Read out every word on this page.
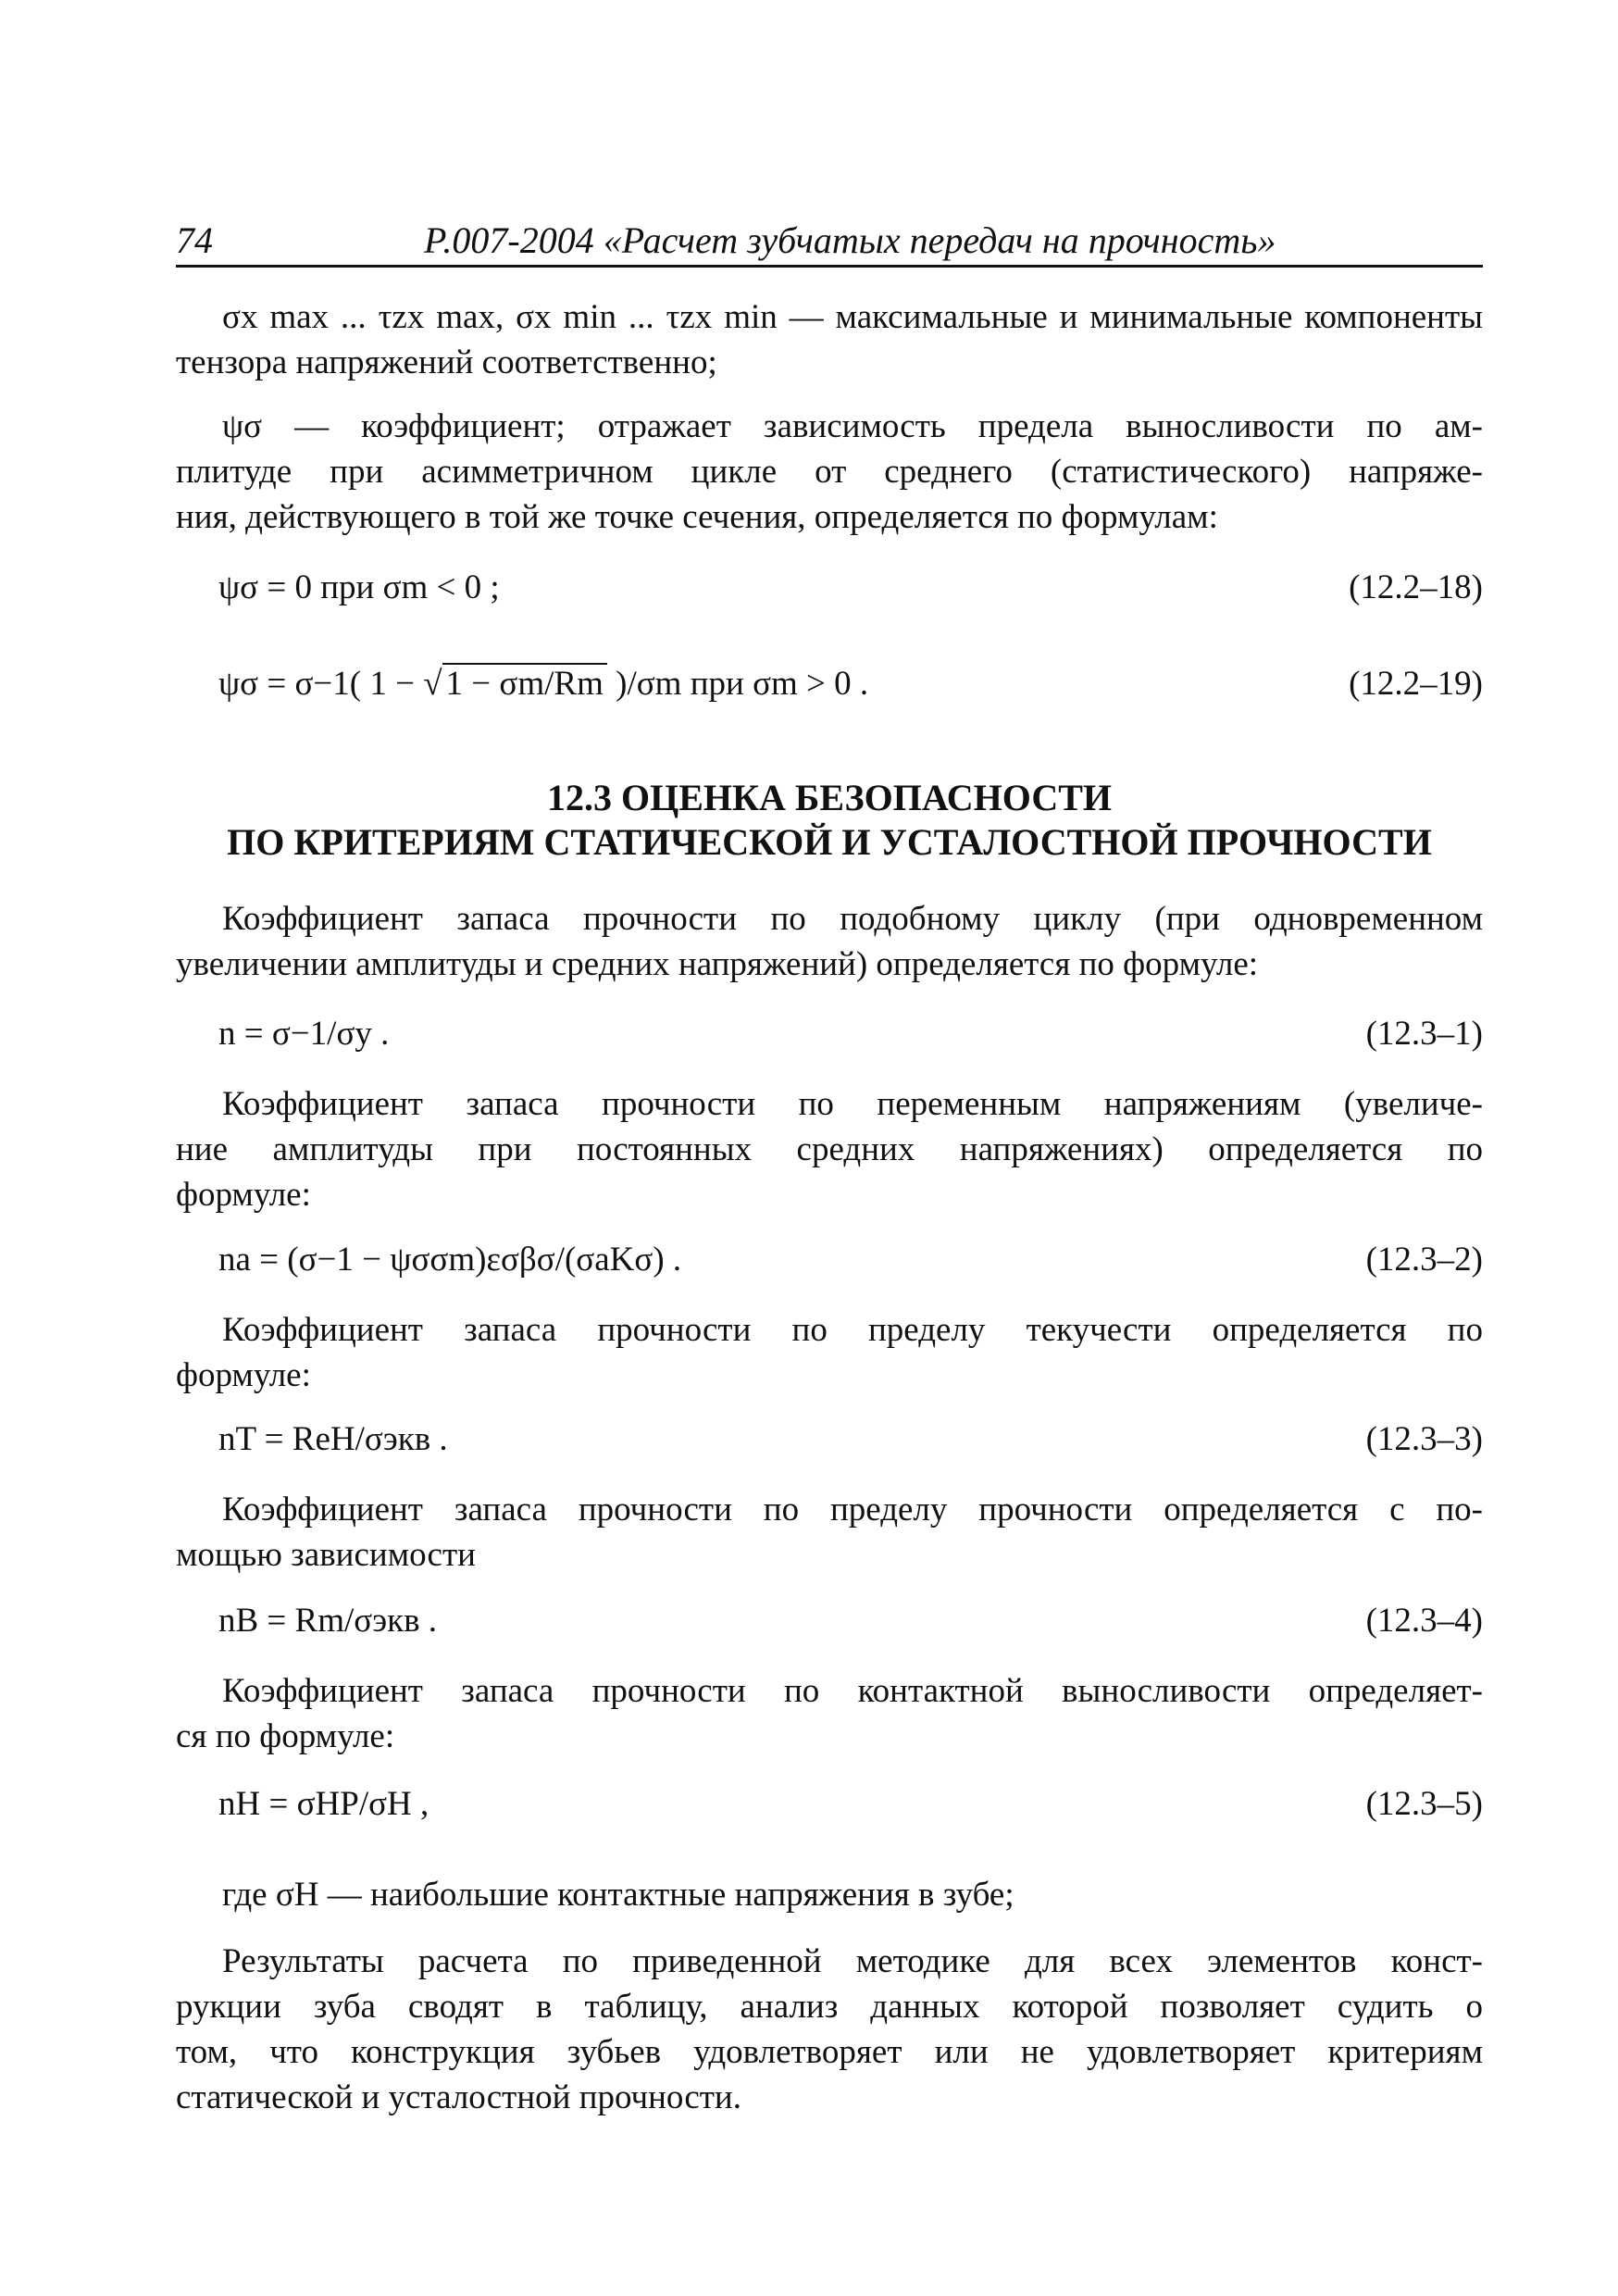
74	Р.007-2004 «Расчет зубчатых передач на прочность»
σx max ... τzx max, σx min ... τzx min — максимальные и минимальные компоненты
тензора напряжений соответственно;
ψσ — коэффициент; отражает зависимость предела выносливости по ам-
плитуде при асимметричном цикле от среднего (статистического) напряже-
ния, действующего в той же точке сечения, определяется по формулам:
ψσ = 0 при σm < 0 ;	(12.2–18)
ψσ = σ−1( 1 − √ 1 − σm/Rm )/σm при σm > 0 .	(12.2–19)
12.3 ОЦЕНКА БЕЗОПАСНОСТИ
ПО КРИТЕРИЯМ СТАТИЧЕСКОЙ И УСТАЛОСТНОЙ ПРОЧНОСТИ
Коэффициент запаса прочности по подобному циклу (при одновременном
увеличении амплитуды и средних напряжений) определяется по формуле:
n = σ−1/σy .	(12.3–1)
Коэффициент запаса прочности по переменным напряжениям (увеличе-
ние амплитуды при постоянных средних напряжениях) определяется по
формуле:
na = (σ−1 − ψσσm)εσβσ/(σaKσ) .	(12.3–2)
Коэффициент запаса прочности по пределу текучести определяется по
формуле:
nT = ReH/σэкв .	(12.3–3)
Коэффициент запаса прочности по пределу прочности определяется с по-
мощью зависимости
nB = Rm/σэкв .	(12.3–4)
Коэффициент запаса прочности по контактной выносливости определяет-
ся по формуле:
nH = σHP/σH ,	(12.3–5)
где σH — наибольшие контактные напряжения в зубе;
Результаты расчета по приведенной методике для всех элементов конст-
рукции зуба сводят в таблицу, анализ данных которой позволяет судить о
том, что конструкция зубьев удовлетворяет или не удовлетворяет критериям
статической и усталостной прочности.
